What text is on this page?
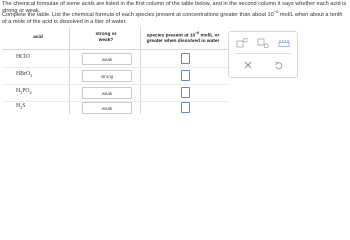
The chemical formulae of some acids are listed in the first column of the table below, and in the second column it says whether each acid is strong or weak.
Complete the table. List the chemical formula of each species present at concentrations greater than about $10^{-6}$ mol/L when about a tenth of a mole of the acid is dissolved in a liter of water.
acid
strong or weak?
species present at $10^{-6}$ mol/L or greater when dissolved in water
HClO	weak
HBrO$_3$	strong
$H_3PO_4$	weak
$H_2S$	weak
